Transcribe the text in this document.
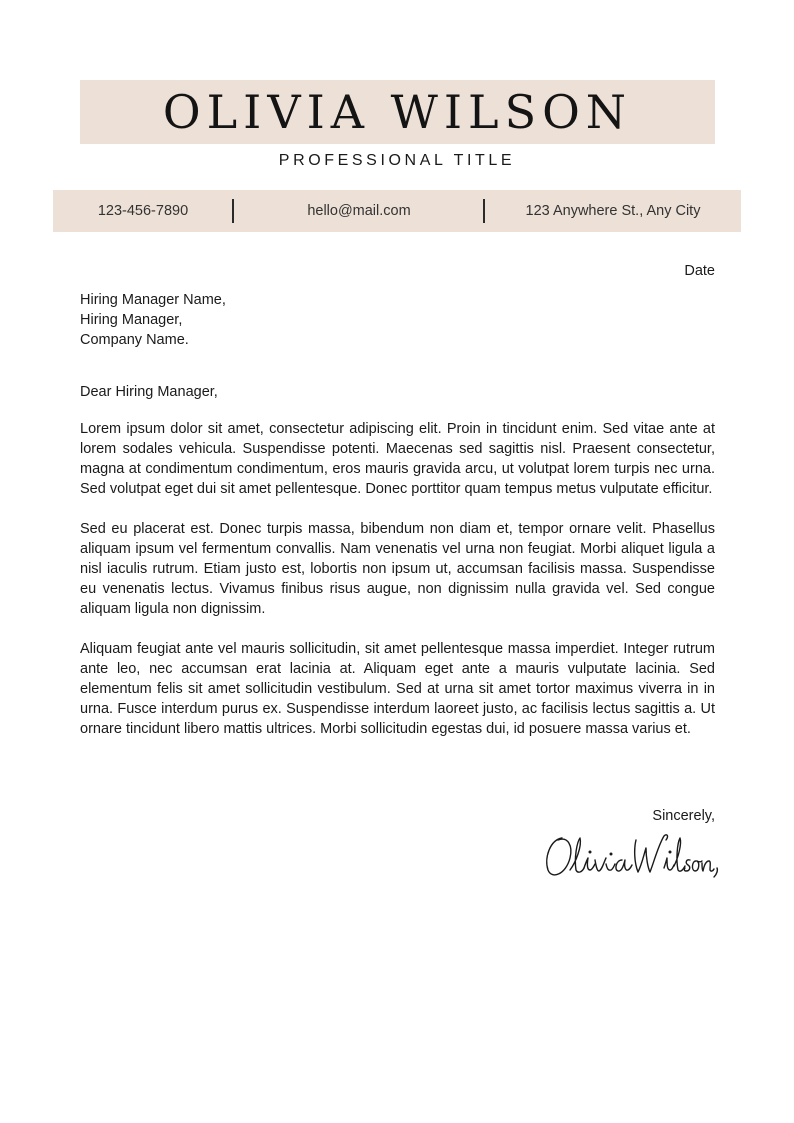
OLIVIA WILSON
PROFESSIONAL TITLE
123-456-7890	hello@mail.com	123 Anywhere St., Any City
Date
Hiring Manager Name,
Hiring Manager,
Company Name.
Dear Hiring Manager,

Lorem ipsum dolor sit amet, consectetur adipiscing elit. Proin in tincidunt enim. Sed vitae ante at lorem sodales vehicula. Suspendisse potenti. Maecenas sed sagittis nisl. Praesent consectetur, magna at condimentum condimentum, eros mauris gravida arcu, ut volutpat lorem turpis nec urna. Sed volutpat eget dui sit amet pellentesque. Donec porttitor quam tempus metus vulputate efficitur.

Sed eu placerat est. Donec turpis massa, bibendum non diam et, tempor ornare velit. Phasellus aliquam ipsum vel fermentum convallis. Nam venenatis vel urna non feugiat. Morbi aliquet ligula a nisl iaculis rutrum. Etiam justo est, lobortis non ipsum ut, accumsan facilisis massa. Suspendisse eu venenatis lectus. Vivamus finibus risus augue, non dignissim nulla gravida vel. Sed congue aliquam ligula non dignissim.

Aliquam feugiat ante vel mauris sollicitudin, sit amet pellentesque massa imperdiet. Integer rutrum ante leo, nec accumsan erat lacinia at. Aliquam eget ante a mauris vulputate lacinia. Sed elementum felis sit amet sollicitudin vestibulum. Sed at urna sit amet tortor maximus viverra in in urna. Fusce interdum purus ex. Suspendisse interdum laoreet justo, ac facilisis lectus sagittis a. Ut ornare tincidunt libero mattis ultrices. Morbi sollicitudin egestas dui, id posuere massa varius et.

Sincerely,
